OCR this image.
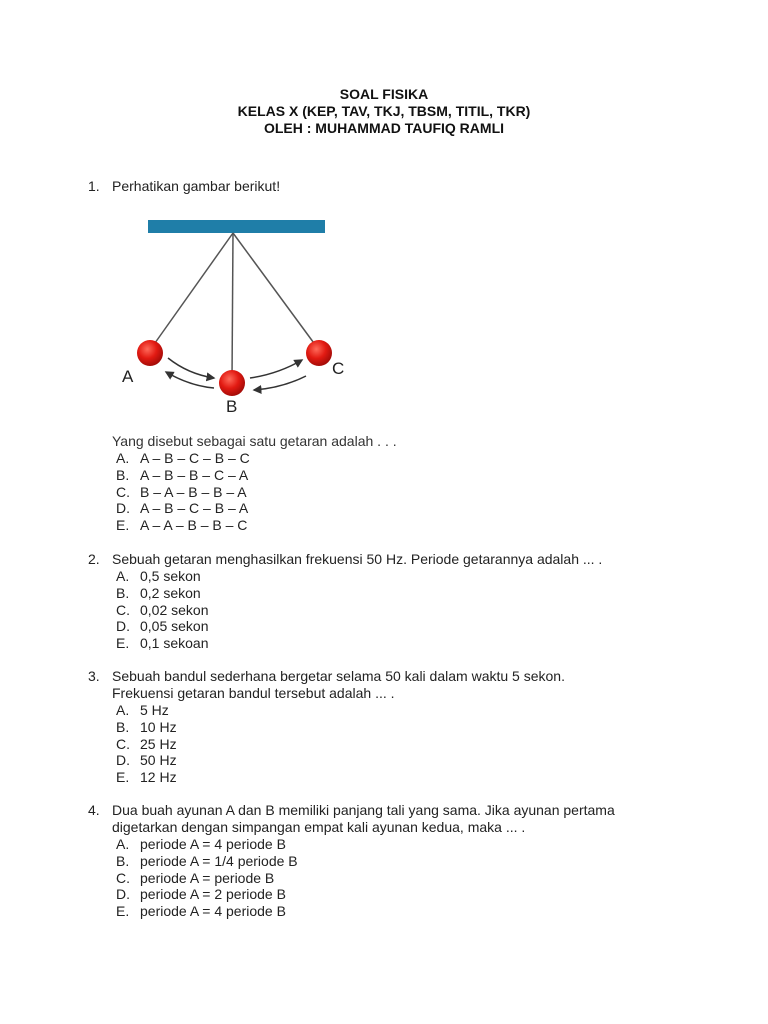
SOAL FISIKA
KELAS X (KEP, TAV, TKJ, TBSM, TITIL, TKR)
OLEH : MUHAMMAD TAUFIQ RAMLI
1. Perhatikan gambar berikut!
A
B
C
Yang disebut sebagai satu getaran adalah . . .
A. A – B – C – B – C
B. A – B – B – C – A
C. B – A – B – B – A
D. A – B – C – B – A
E. A – A – B – B – C
2. Sebuah getaran menghasilkan frekuensi 50 Hz. Periode getarannya adalah ... .
A. 0,5 sekon
B. 0,2 sekon
C. 0,02 sekon
D. 0,05 sekon
E. 0,1 sekoan
3. Sebuah bandul sederhana bergetar selama 50 kali dalam waktu 5 sekon.
Frekuensi getaran bandul tersebut adalah ... .
A. 5 Hz
B. 10 Hz
C. 25 Hz
D. 50 Hz
E. 12 Hz
4. Dua buah ayunan A dan B memiliki panjang tali yang sama. Jika ayunan pertama
digetarkan dengan simpangan empat kali ayunan kedua, maka ... .
A. periode A = 4 periode B
B. periode A = 1/4 periode B
C. periode A = periode B
D. periode A = 2 periode B
E. periode A = 4 periode B
